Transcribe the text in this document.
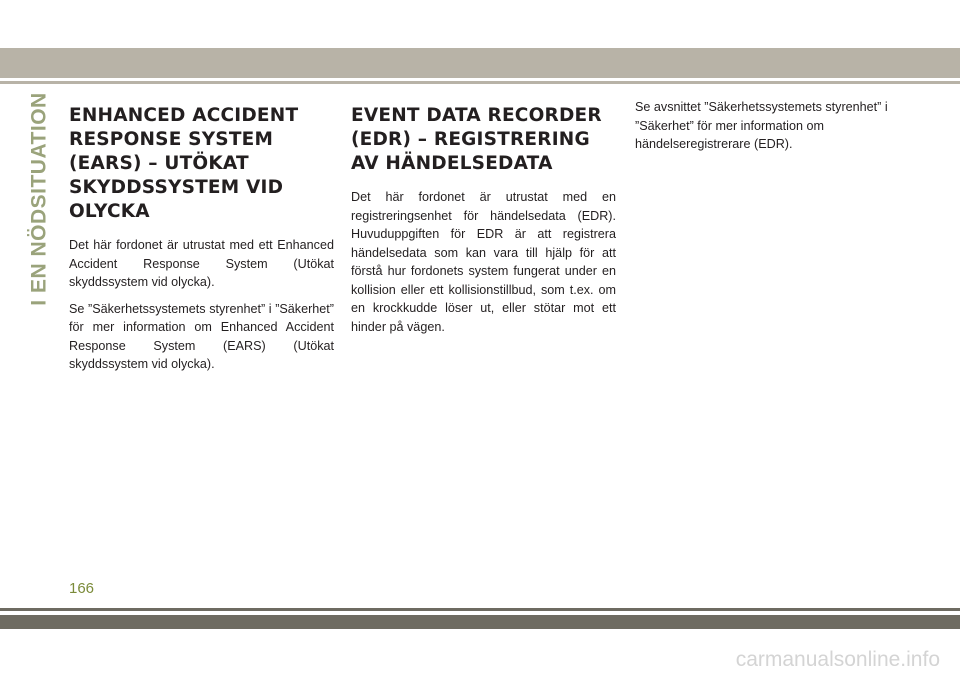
I EN NÖDSITUATION ENHANCED ACCIDENT RESPONSE SYSTEM (EARS) – UTÖKAT SKYDDSSYSTEM VID OLYCKA

Det här fordonet är utrustat med ett Enhanced Accident Response System (Utökat skyddssystem vid olycka).

Se ”Säkerhetssystemets styrenhet” i ”Säkerhet” för mer information om Enhanced Accident Response System (EARS) (Utökat skyddssystem vid olycka).

EVENT DATA RECORDER (EDR) – REGISTRERING AV HÄNDELSEDATA

Det här fordonet är utrustat med en registreringsenhet för händelsedata (EDR). Huvuduppgiften för EDR är att registrera händelsedata som kan vara till hjälp för att förstå hur fordonets system fungerat under en kollision eller ett kollisionstillbud, som t.ex. om en krockkudde löser ut, eller stötar mot ett hinder på vägen.

Se avsnittet ”Säkerhetssystemets styrenhet” i ”Säkerhet” för mer information om händelseregistrerare (EDR).

166
carmanualsonline.info
